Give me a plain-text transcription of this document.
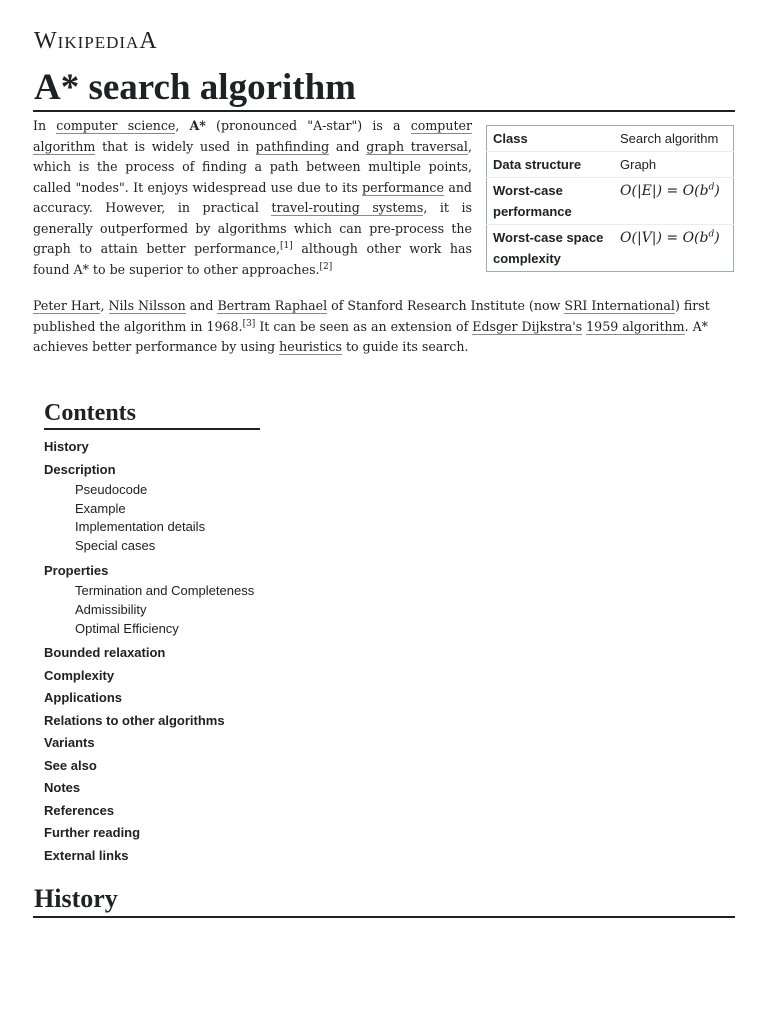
WIKIPEDIAA
A* search algorithm
Class	Search algorithm
Data structure	Graph
Worst-case performance	$O(|E|) = O(b^d)$
Worst-case space complexity	$O(|V|) = O(b^d)$

In computer science, A* (pronounced "A-star") is a computer algorithm that is widely used in pathfinding and graph traversal, which is the process of finding a path between multiple points, called "nodes". It enjoys widespread use due to its performance and accuracy. However, in practical travel-routing systems, it is generally outperformed by algorithms which can pre-process the graph to attain better performance,[1] although other work has found A* to be superior to other approaches.[2]

Peter Hart, Nils Nilsson and Bertram Raphael of Stanford Research Institute (now SRI International) first published the algorithm in 1968.[3] It can be seen as an extension of Edsger Dijkstra's 1959 algorithm. A* achieves better performance by using heuristics to guide its search.

Contents
History
Description
Pseudocode
Example
Implementation details
Special cases
Properties
Termination and Completeness
Admissibility
Optimal Efficiency
Bounded relaxation
Complexity
Applications
Relations to other algorithms
Variants
See also
Notes
References
Further reading
External links
History
